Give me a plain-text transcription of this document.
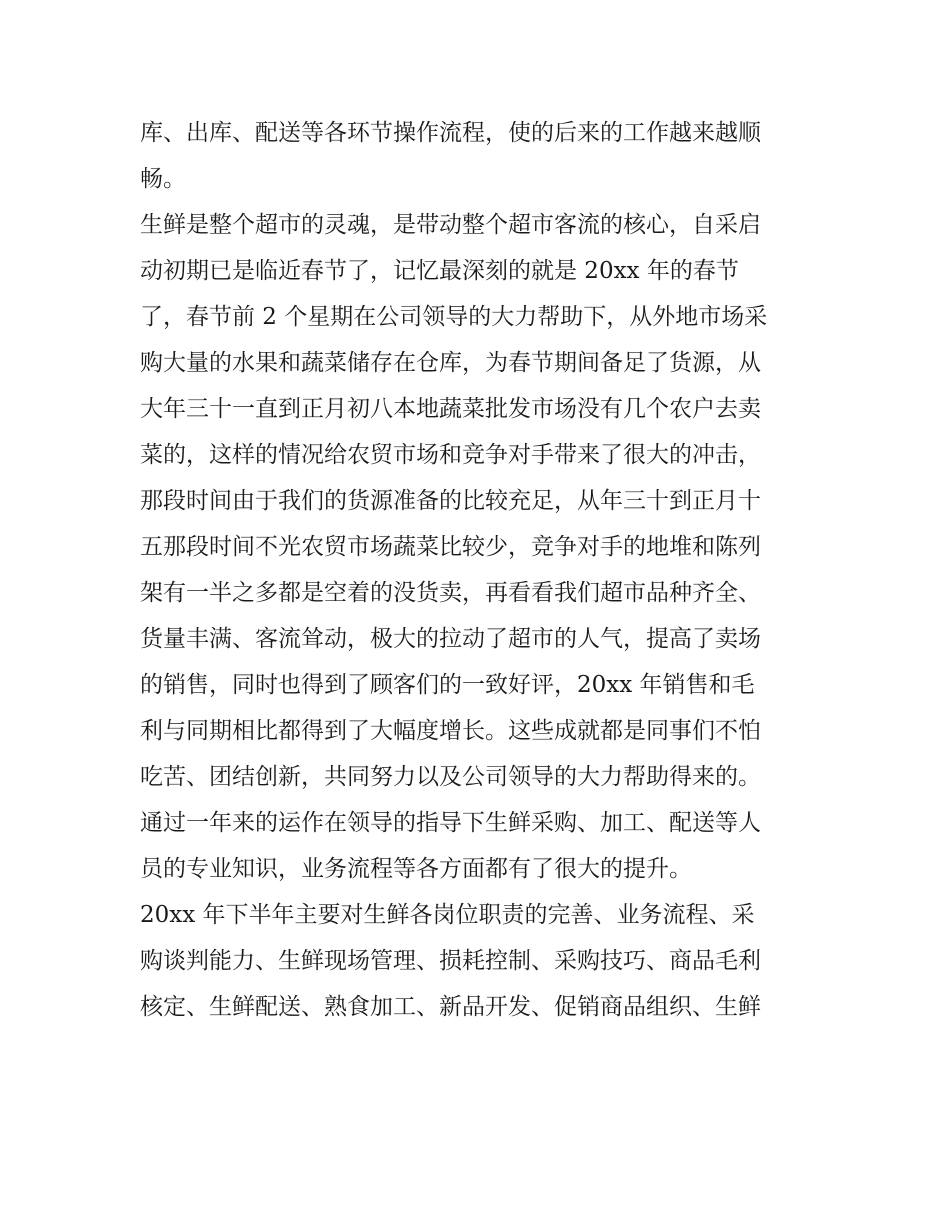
库、出库、配送等各环节操作流程，使的后来的工作越来越顺
畅。
生鲜是整个超市的灵魂，是带动整个超市客流的核心，自采启
动初期已是临近春节了，记忆最深刻的就是 20xx 年的春节
了，春节前 2 个星期在公司领导的大力帮助下，从外地市场采
购大量的水果和蔬菜储存在仓库，为春节期间备足了货源，从
大年三十一直到正月初八本地蔬菜批发市场没有几个农户去卖
菜的，这样的情况给农贸市场和竞争对手带来了很大的冲击，
那段时间由于我们的货源准备的比较充足，从年三十到正月十
五那段时间不光农贸市场蔬菜比较少，竞争对手的地堆和陈列
架有一半之多都是空着的没货卖，再看看我们超市品种齐全、
货量丰满、客流耸动，极大的拉动了超市的人气，提高了卖场
的销售，同时也得到了顾客们的一致好评，20xx 年销售和毛
利与同期相比都得到了大幅度增长。这些成就都是同事们不怕
吃苦、团结创新，共同努力以及公司领导的大力帮助得来的。
通过一年来的运作在领导的指导下生鲜采购、加工、配送等人
员的专业知识，业务流程等各方面都有了很大的提升。
20xx 年下半年主要对生鲜各岗位职责的完善、业务流程、采
购谈判能力、生鲜现场管理、损耗控制、采购技巧、商品毛利
核定、生鲜配送、熟食加工、新品开发、促销商品组织、生鲜
